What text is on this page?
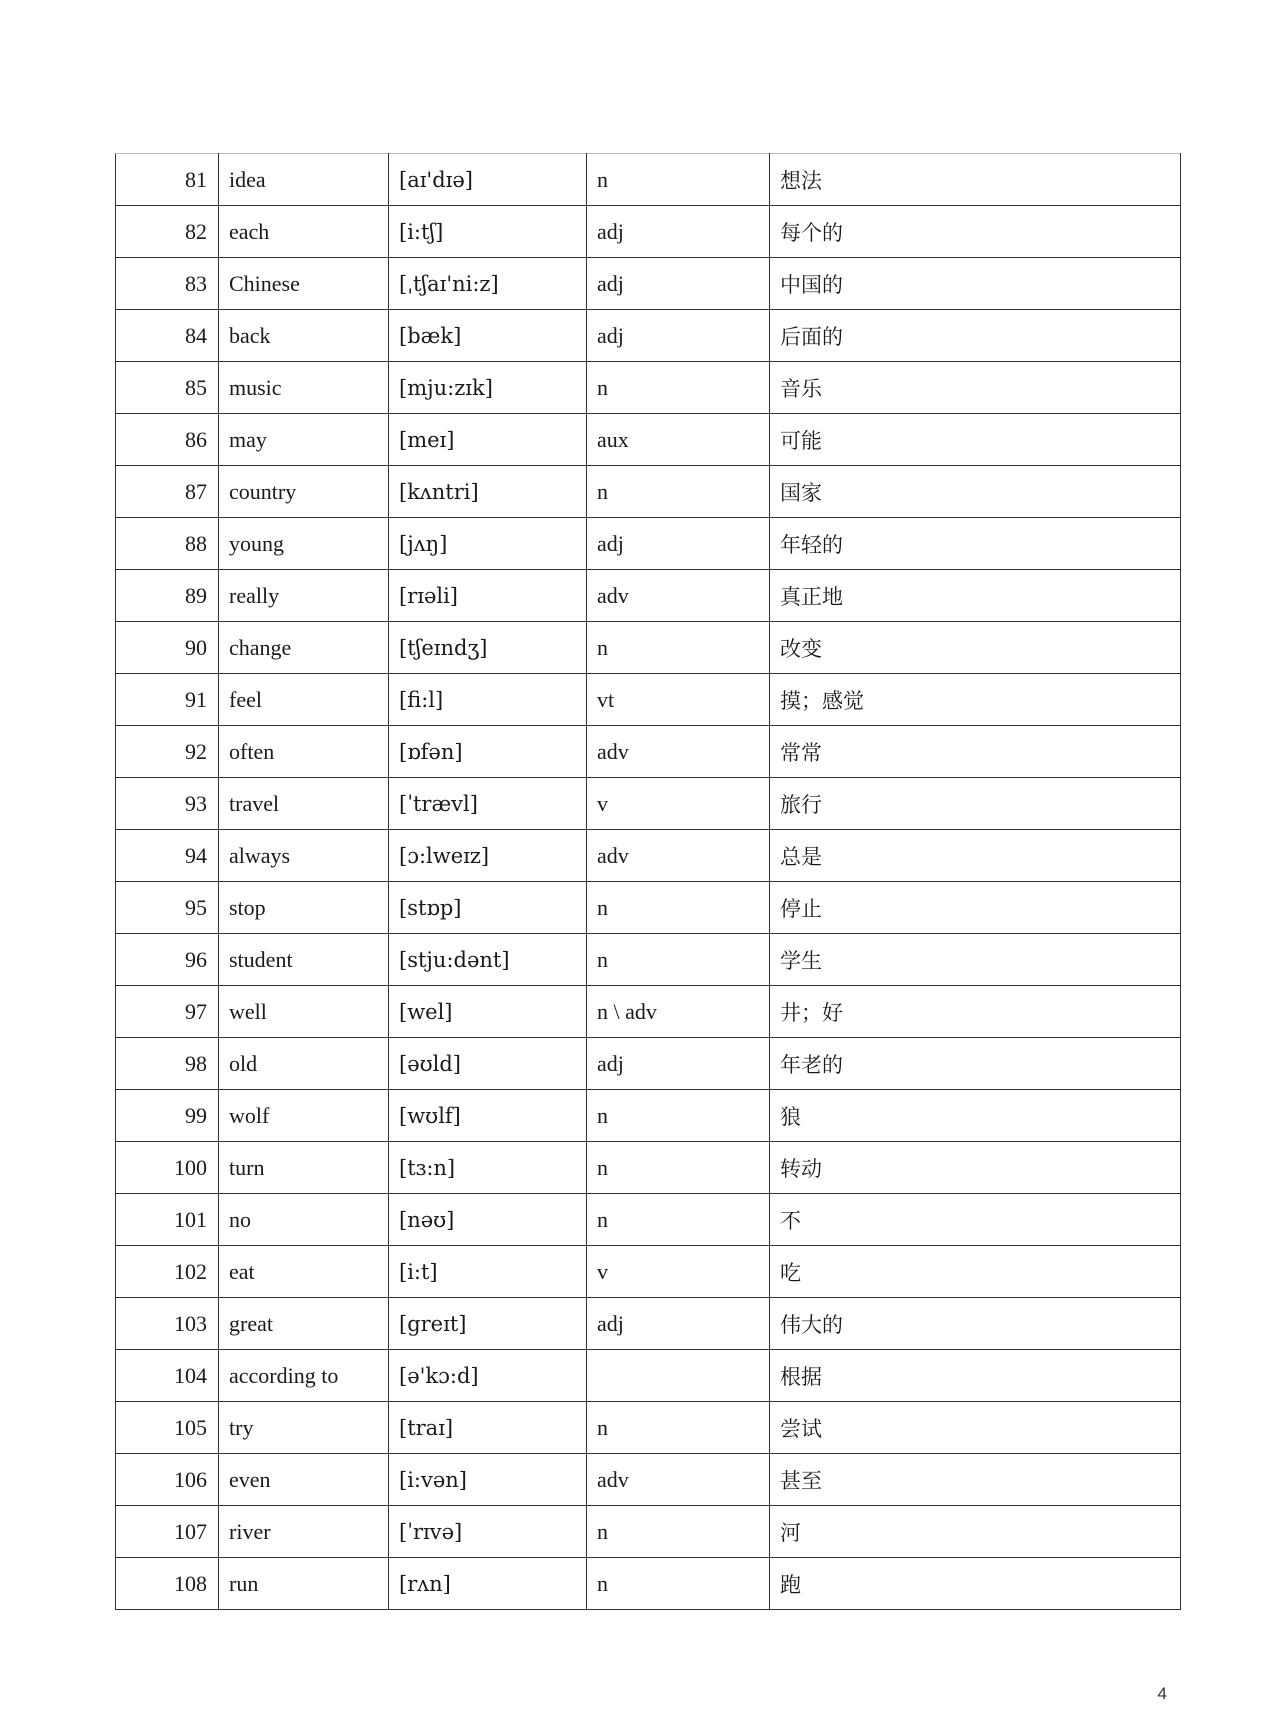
81	idea	[aɪ'dɪə]	n	想法
82	each	[i:tʃ]	adj	每个的
83	Chinese	[ˌtʃaɪ'ni:z]	adj	中国的
84	back	[bæk]	adj	后面的
85	music	[mju:zɪk]	n	音乐
86	may	[meɪ]	aux	可能
87	country	[kʌntri]	n	国家
88	young	[jʌŋ]	adj	年轻的
89	really	[rɪəli]	adv	真正地
90	change	[tʃeɪndʒ]	n	改变
91	feel	[fi:l]	vt	摸；感觉
92	often	[ɒfən]	adv	常常
93	travel	[ˈtrævl]	v	旅行
94	always	[ɔ:lweɪz]	adv	总是
95	stop	[stɒp]	n	停止
96	student	[stju:dənt]	n	学生
97	well	[wel]	n \ adv	井；好
98	old	[əʊld]	adj	年老的
99	wolf	[wʊlf]	n	狼
100	turn	[tɜ:n]	n	转动
101	no	[nəʊ]	n	不
102	eat	[i:t]	v	吃
103	great	[greɪt]	adj	伟大的
104	according to	[ə'kɔ:d]		根据
105	try	[traɪ]	n	尝试
106	even	[i:vən]	adv	甚至
107	river	[ˈrɪvə]	n	河
108	run	[rʌn]	n	跑
4
